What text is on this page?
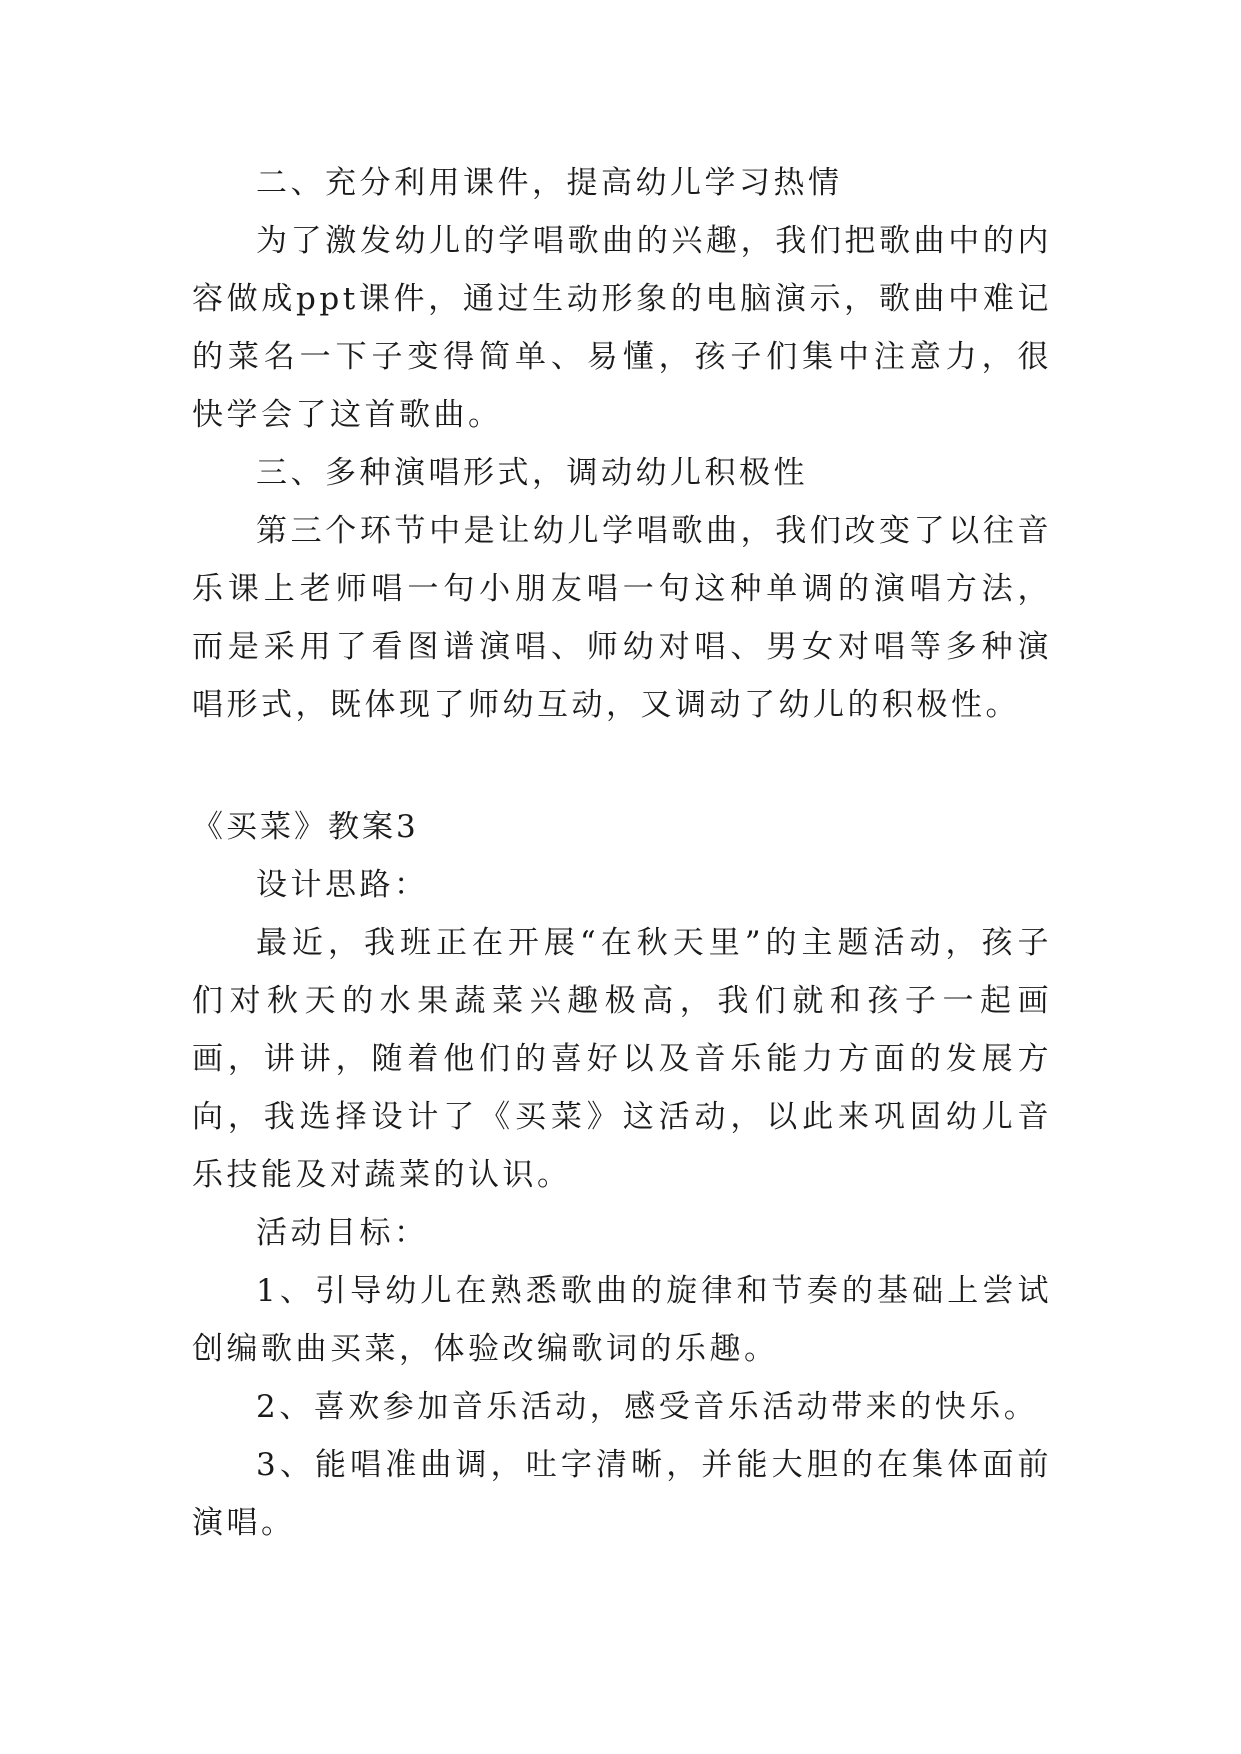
二、充分利用课件，提高幼儿学习热情

为了激发幼儿的学唱歌曲的兴趣，我们把歌曲中的内容做成ppt课件，通过生动形象的电脑演示，歌曲中难记的菜名一下子变得简单、易懂，孩子们集中注意力，很快学会了这首歌曲。

三、多种演唱形式，调动幼儿积极性

第三个环节中是让幼儿学唱歌曲，我们改变了以往音乐课上老师唱一句小朋友唱一句这种单调的演唱方法，而是采用了看图谱演唱、师幼对唱、男女对唱等多种演唱形式，既体现了师幼互动，又调动了幼儿的积极性。

《买菜》教案3

设计思路：

最近，我班正在开展“在秋天里”的主题活动，孩子们对秋天的水果蔬菜兴趣极高，我们就和孩子一起画画，讲讲，随着他们的喜好以及音乐能力方面的发展方向，我选择设计了《买菜》这活动，以此来巩固幼儿音乐技能及对蔬菜的认识。

活动目标：

1、引导幼儿在熟悉歌曲的旋律和节奏的基础上尝试创编歌曲买菜，体验改编歌词的乐趣。

2、喜欢参加音乐活动，感受音乐活动带来的快乐。

3、能唱准曲调，吐字清晰，并能大胆的在集体面前演唱。
